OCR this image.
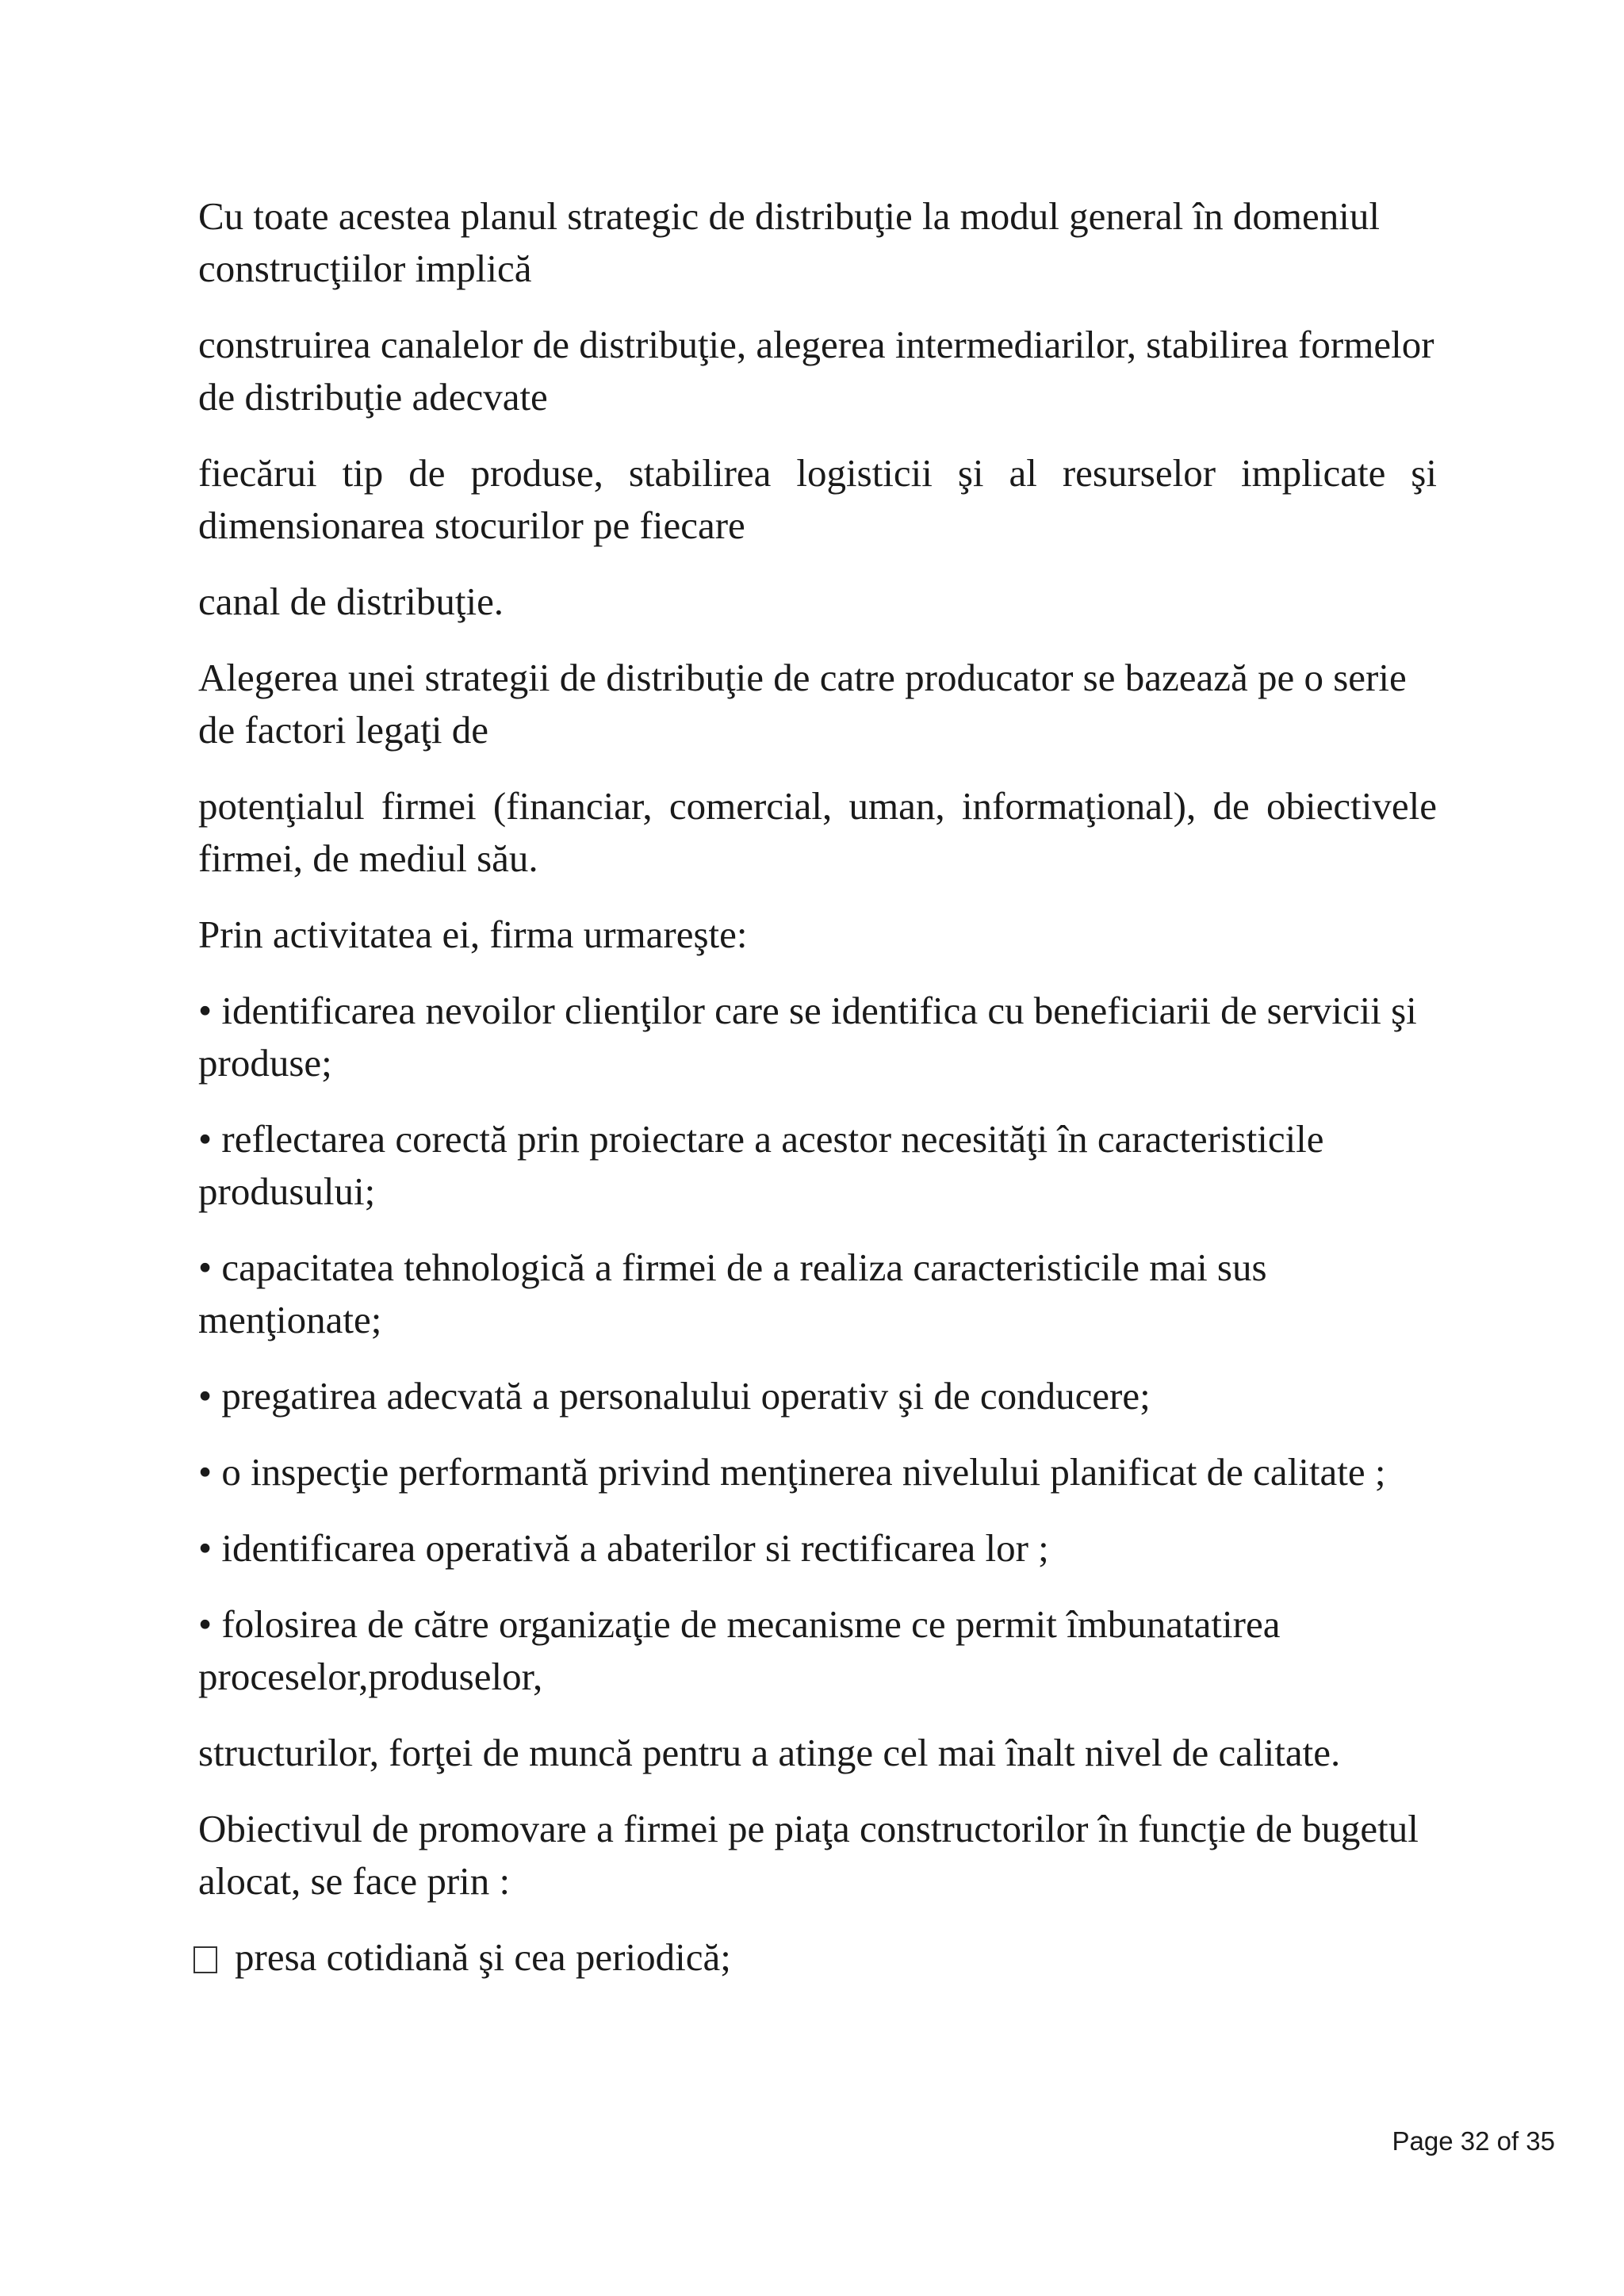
Cu toate acestea planul strategic de distribuţie la modul general în domeniul construcţiilor implică

construirea canalelor de distribuţie, alegerea intermediarilor, stabilirea formelor de distribuţie adecvate

fiecărui tip de produse, stabilirea logisticii şi al resurselor implicate şi dimensionarea stocurilor pe fiecare

canal de distribuţie.

Alegerea unei strategii de distribuţie de catre producator se bazează pe o serie de factori legaţi de

potenţialul firmei (financiar, comercial, uman, informaţional), de obiectivele firmei, de mediul său.

Prin activitatea ei, firma urmareşte:

• identificarea nevoilor clienţilor care se identifica cu beneficiarii de servicii şi produse;

• reflectarea corectă prin proiectare a acestor necesităţi în caracteristicile produsului;

• capacitatea tehnologică a firmei de a realiza caracteristicile mai sus menţionate;

• pregatirea adecvată a personalului operativ şi de conducere;

• o inspecţie performantă privind menţinerea nivelului planificat de calitate ;

• identificarea operativă a abaterilor si rectificarea lor ;

• folosirea de către organizaţie de mecanisme ce permit îmbunatatirea proceselor,produselor,

structurilor, forţei de muncă pentru a atinge cel mai înalt nivel de calitate.

Obiectivul de promovare a firmei pe piaţa constructorilor în funcţie de bugetul alocat, se face prin :

presa cotidiană şi cea periodică;

Page 32 of 35
